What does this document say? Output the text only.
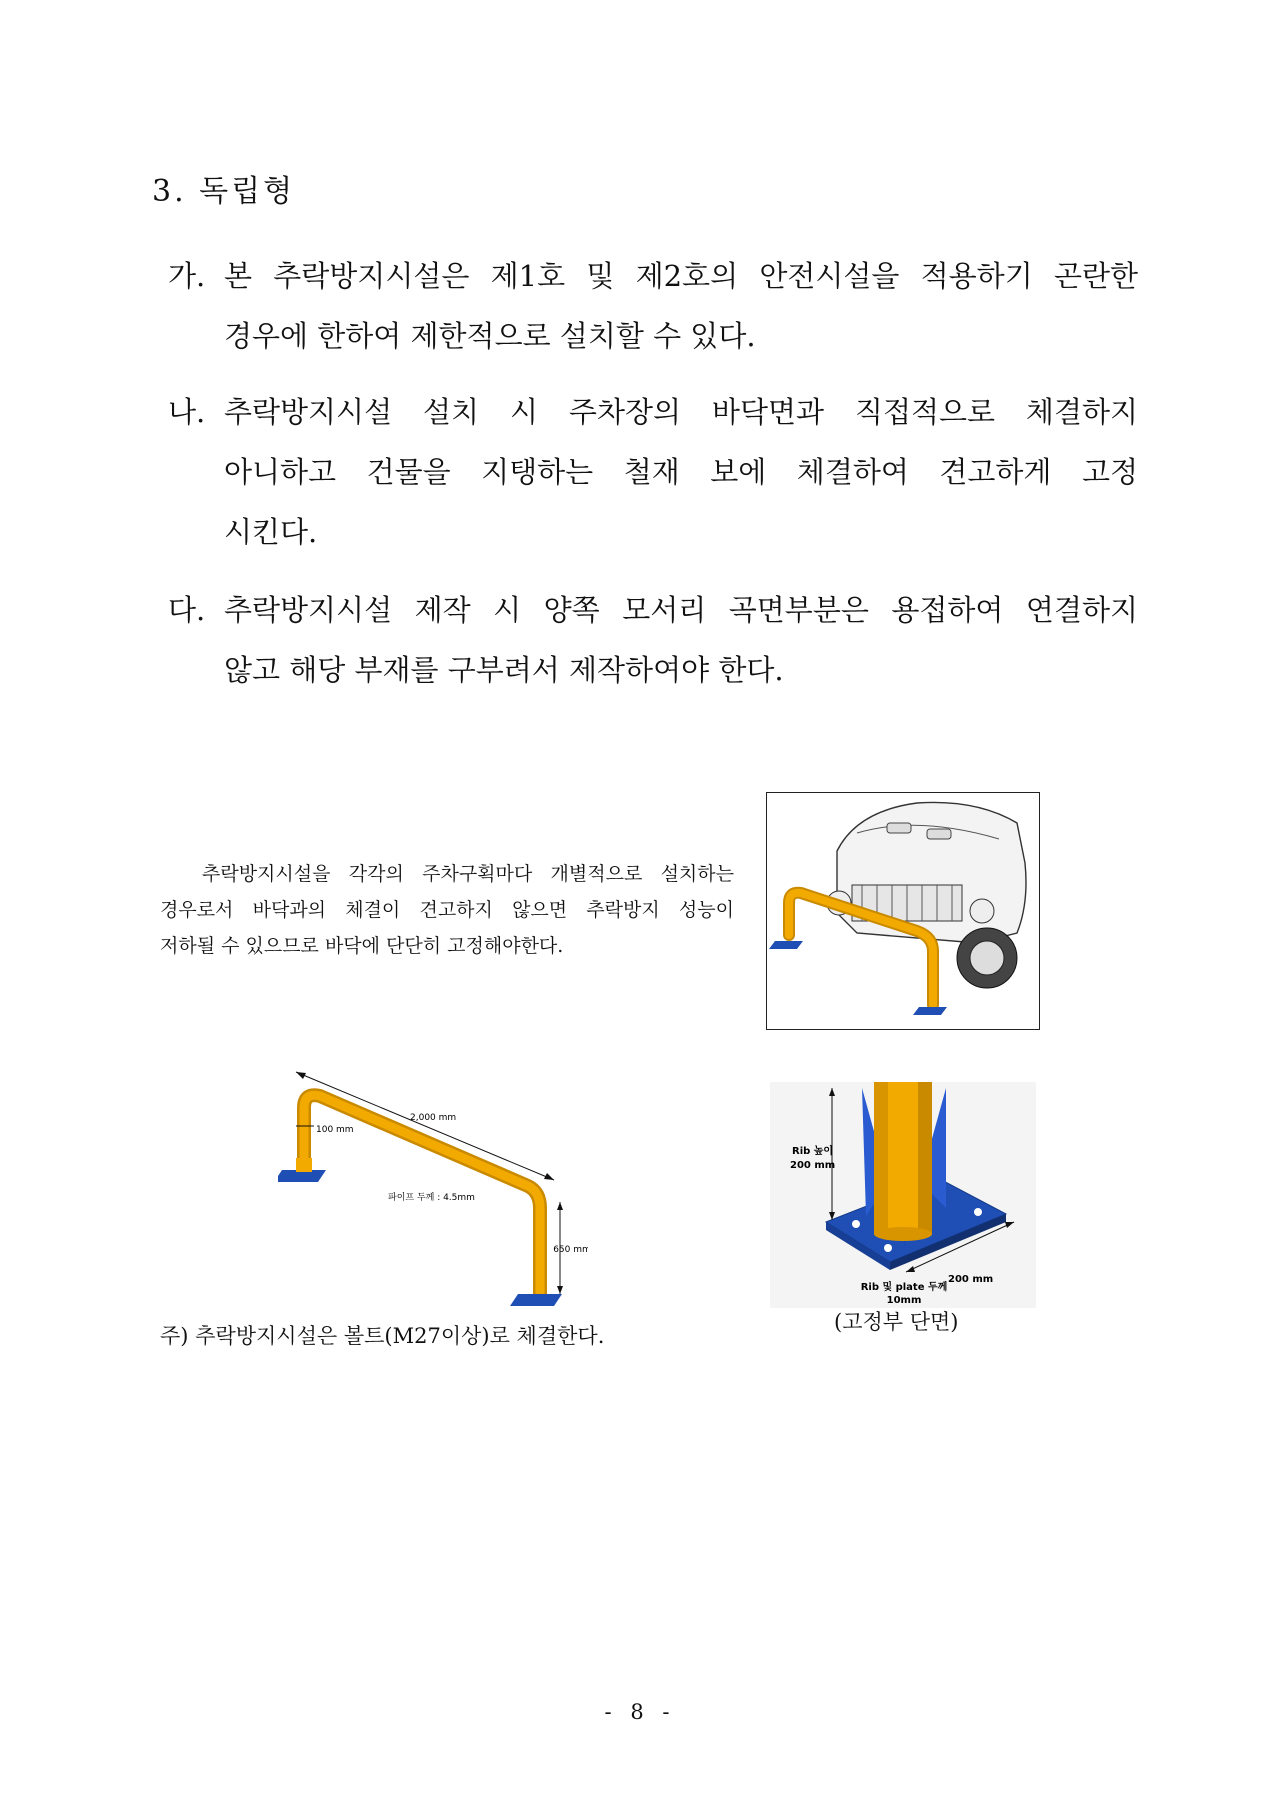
3. 독립형
가. 본 추락방지시설은 제1호 및 제2호의 안전시설을 적용하기 곤란한
경우에 한하여 제한적으로 설치할 수 있다.
나. 추락방지시설 설치 시 주차장의 바닥면과 직접적으로 체결하지
아니하고 건물을 지탱하는 철재 보에 체결하여 견고하게 고정
시킨다.
다. 추락방지시설 제작 시 양쪽 모서리 곡면부분은 용접하여 연결하지
않고 해당 부재를 구부려서 제작하여야 한다.
추락방지시설을 각각의 주차구획마다 개별적으로 설치하는
경우로서 바닥과의 체결이 견고하지 않으면 추락방지 성능이
저하될 수 있으므로 바닥에 단단히 고정해야한다.
2,000 mm
100 mm
파이프 두께 : 4.5mm
650 mm
Rib 높이
200 mm
200 mm
Rib 및 plate 두께
10mm
주) 추락방지시설은 볼트(M27이상)로 체결한다.
(고정부 단면)
- 8 -
